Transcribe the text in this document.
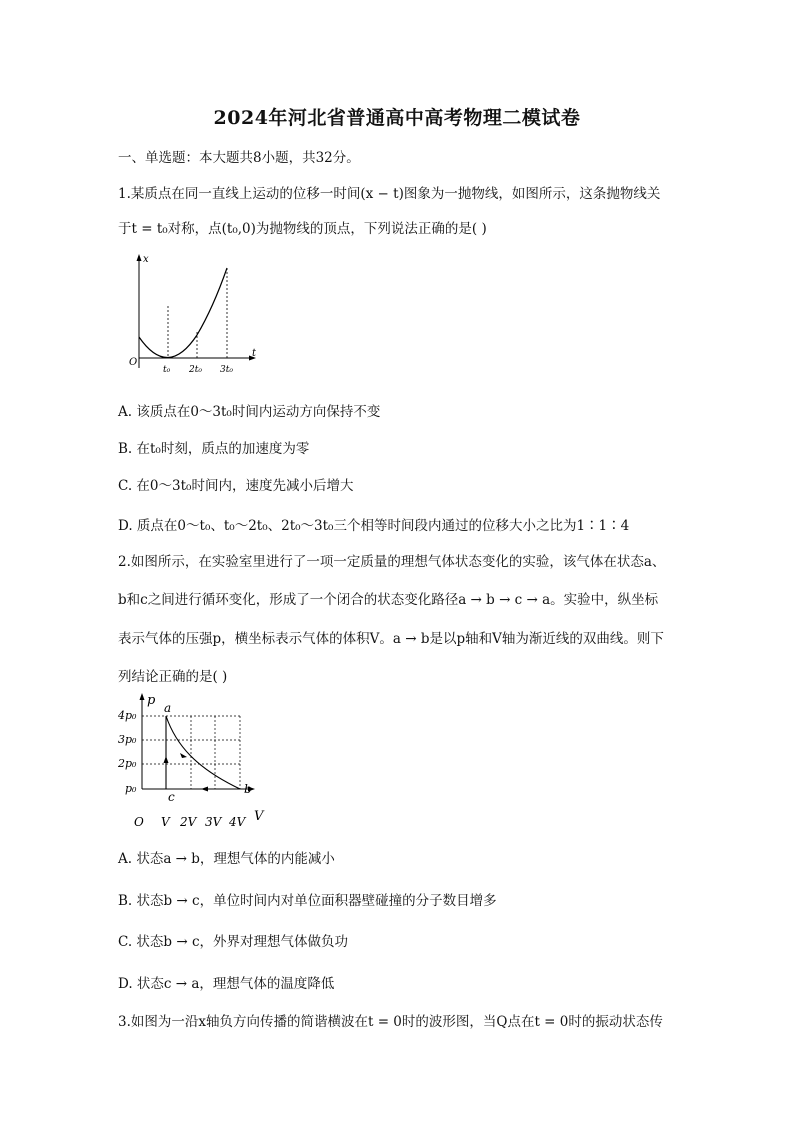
2024年河北省普通高中高考物理二模试卷
一、单选题：本大题共8小题，共32分。
1.某质点在同一直线上运动的位移一时间(x − t)图象为一抛物线，如图所示，这条抛物线关
于t = t₀对称，点(t₀,0)为抛物线的顶点，下列说法正确的是( )
x
t
O
t₀ 2t₀ 3t₀
A. 该质点在0～3t₀时间内运动方向保持不变
B. 在t₀时刻，质点的加速度为零
C. 在0～3t₀时间内，速度先减小后增大
D. 质点在0～t₀、t₀～2t₀、2t₀～3t₀三个相等时间段内通过的位移大小之比为1∶1∶4
2.如图所示，在实验室里进行了一项一定质量的理想气体状态变化的实验，该气体在状态a、
b和c之间进行循环变化，形成了一个闭合的状态变化路径a → b → c → a。实验中，纵坐标
表示气体的压强p，横坐标表示气体的体积V。a → b是以p轴和V轴为渐近线的双曲线。则下
列结论正确的是( )
4p₀
3p₀
2p₀
p₀
V 2V 3V 4V
O
p
V
a
b
c
A. 状态a → b，理想气体的内能减小
B. 状态b → c，单位时间内对单位面积器壁碰撞的分子数目增多
C. 状态b → c，外界对理想气体做负功
D. 状态c → a，理想气体的温度降低
3.如图为一沿x轴负方向传播的简谐横波在t = 0时的波形图，当Q点在t = 0时的振动状态传
